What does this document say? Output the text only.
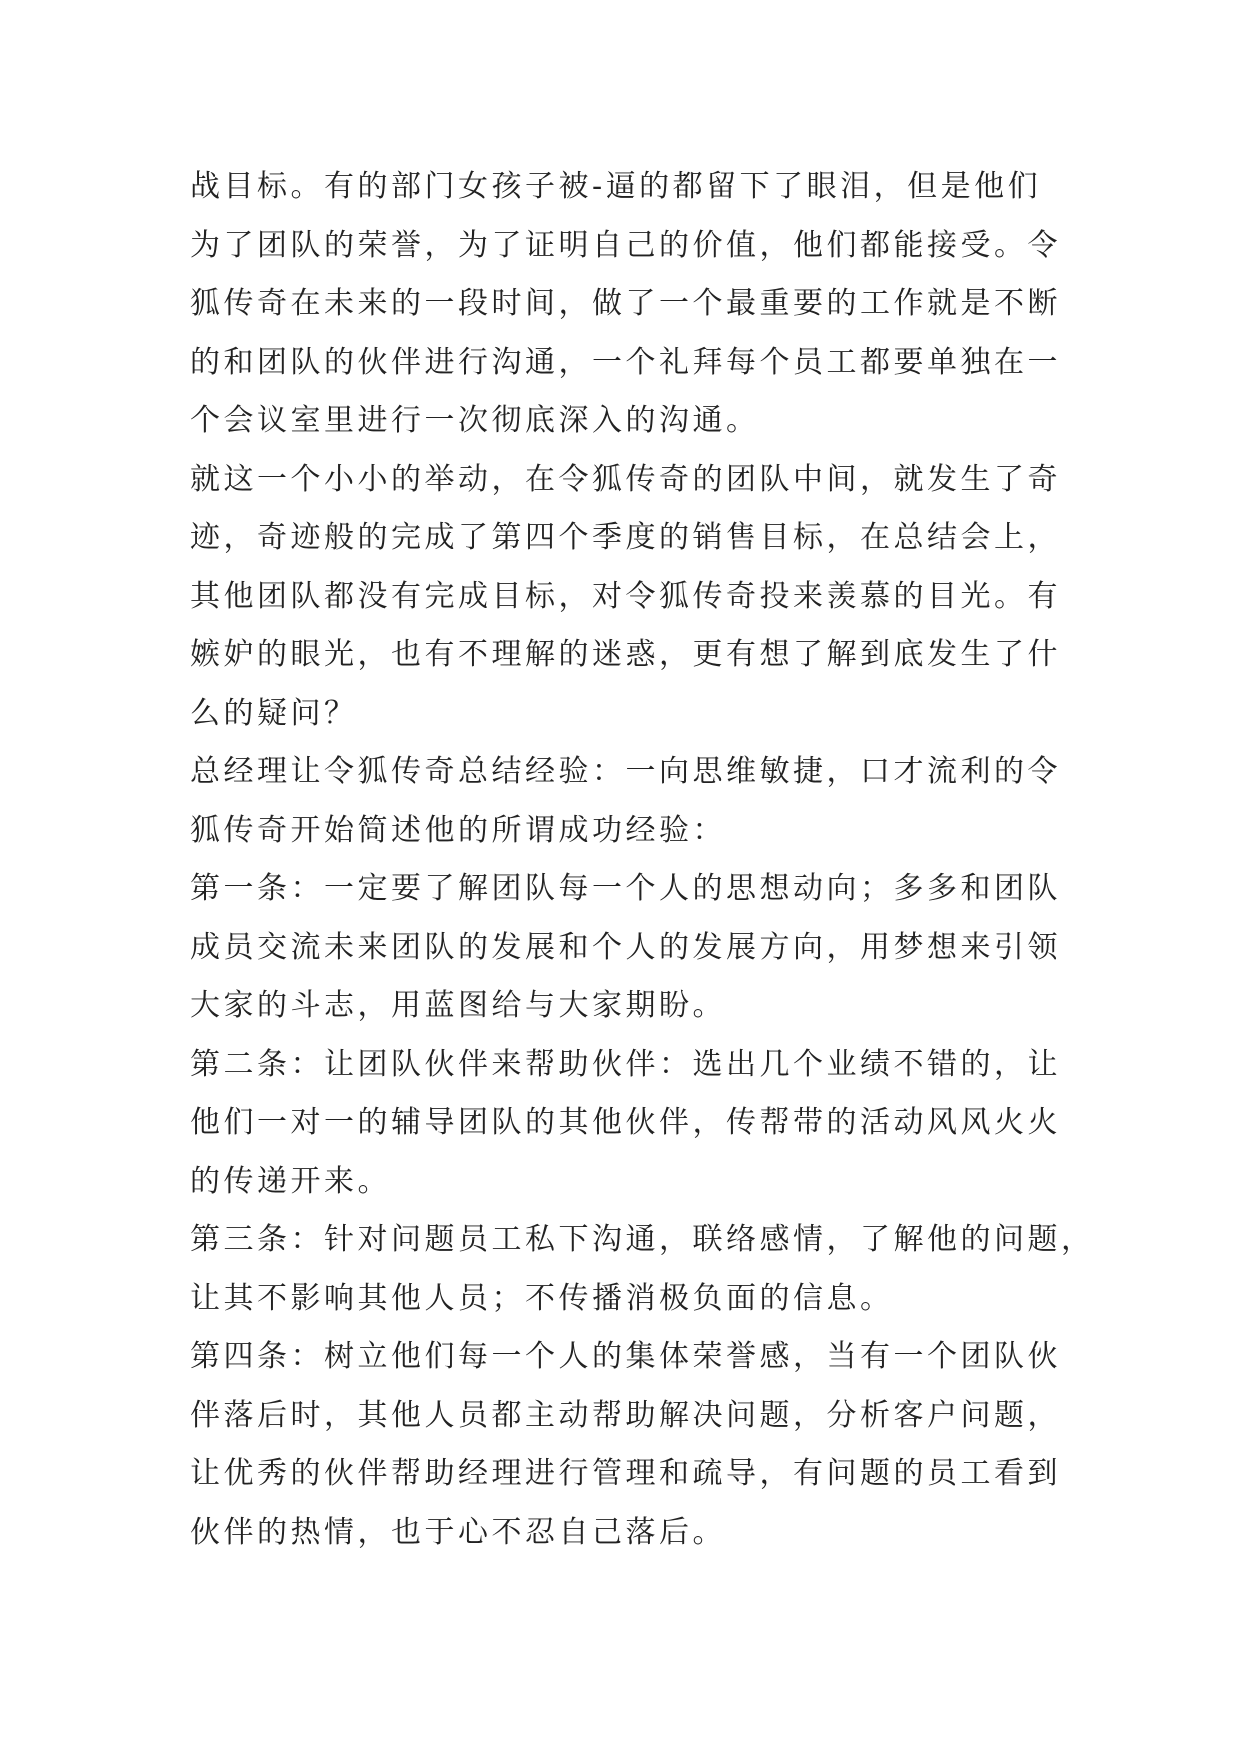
战目标。有的部门女孩子被-逼的都留下了眼泪，但是他们
为了团队的荣誉，为了证明自己的价值，他们都能接受。令
狐传奇在未来的一段时间，做了一个最重要的工作就是不断
的和团队的伙伴进行沟通，一个礼拜每个员工都要单独在一
个会议室里进行一次彻底深入的沟通。
就这一个小小的举动，在令狐传奇的团队中间，就发生了奇
迹，奇迹般的完成了第四个季度的销售目标，在总结会上，
其他团队都没有完成目标，对令狐传奇投来羡慕的目光。有
嫉妒的眼光，也有不理解的迷惑，更有想了解到底发生了什
么的疑问？
总经理让令狐传奇总结经验：一向思维敏捷，口才流利的令
狐传奇开始简述他的所谓成功经验：
第一条：一定要了解团队每一个人的思想动向；多多和团队
成员交流未来团队的发展和个人的发展方向，用梦想来引领
大家的斗志，用蓝图给与大家期盼。
第二条：让团队伙伴来帮助伙伴：选出几个业绩不错的，让
他们一对一的辅导团队的其他伙伴，传帮带的活动风风火火
的传递开来。
第三条：针对问题员工私下沟通，联络感情，了解他的问题，
让其不影响其他人员；不传播消极负面的信息。
第四条：树立他们每一个人的集体荣誉感，当有一个团队伙
伴落后时，其他人员都主动帮助解决问题，分析客户问题，
让优秀的伙伴帮助经理进行管理和疏导，有问题的员工看到
伙伴的热情，也于心不忍自己落后。
